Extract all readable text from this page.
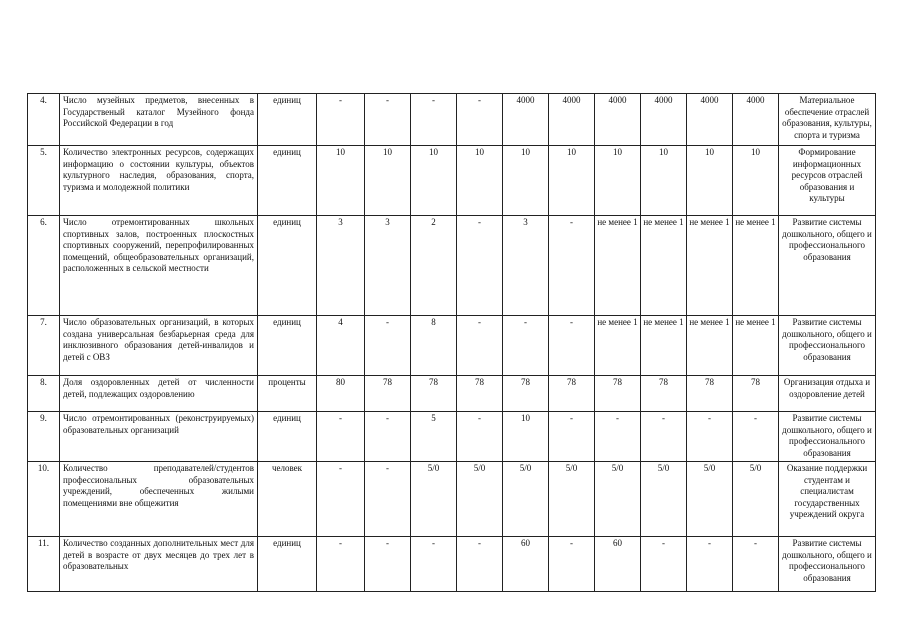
4.	Число музейных предметов, внесенных в Государственый каталог Музейного фонда Российской Федерации в год	единиц	-	-	-	-	4000	4000	4000	4000	4000	4000	Материальное обеспечение отраслей образования, культуры, спорта и туризма
5.	Количество электронных ресурсов, содержащих информацию о состоянии культуры, объектов культурного наследия, образования, спорта, туризма и молодежной политики	единиц	10	10	10	10	10	10	10	10	10	10	Формирование информационных ресурсов отраслей образования и культуры
6.	Число отремонтированных школьных спортивных залов, построенных плоскостных спортивных сооружений, перепрофилированных помещений, общеобразовательных организаций, расположенных в сельской местности	единиц	3	3	2	-	3	-	не менее 1	не менее 1	не менее 1	не менее 1	Развитие системы дошкольного, общего и профессионального образования
7.	Число образовательных организаций, в которых создана универсальная безбарьерная среда для инклюзивного образования детей-инвалидов и детей с ОВЗ	единиц	4	-	8	-	-	-	не менее 1	не менее 1	не менее 1	не менее 1	Развитие системы дошкольного, общего и профессионального образования
8.	Доля оздоровленных детей от численности детей, подлежащих оздоровлению	проценты	80	78	78	78	78	78	78	78	78	78	Организация отдыха и оздоровление детей
9.	Число отремонтированных (реконструируемых) образовательных организаций	единиц	-	-	5	-	10	-	-	-	-	-	Развитие системы дошкольного, общего и профессионального образования
10.	Количество преподавателей/студентов профессиональных образовательных учреждений, обеспеченных жилыми помещениями вне общежития	человек	-	-	5/0	5/0	5/0	5/0	5/0	5/0	5/0	5/0	Оказание поддержки студентам и специалистам государственных учреждений округа
11.	Количество созданных дополнительных мест для детей в возрасте от двух месяцев до трех лет в образовательных	единиц	-	-	-	-	60	-	60	-	-	-	Развитие системы дошкольного, общего и профессионального образования
